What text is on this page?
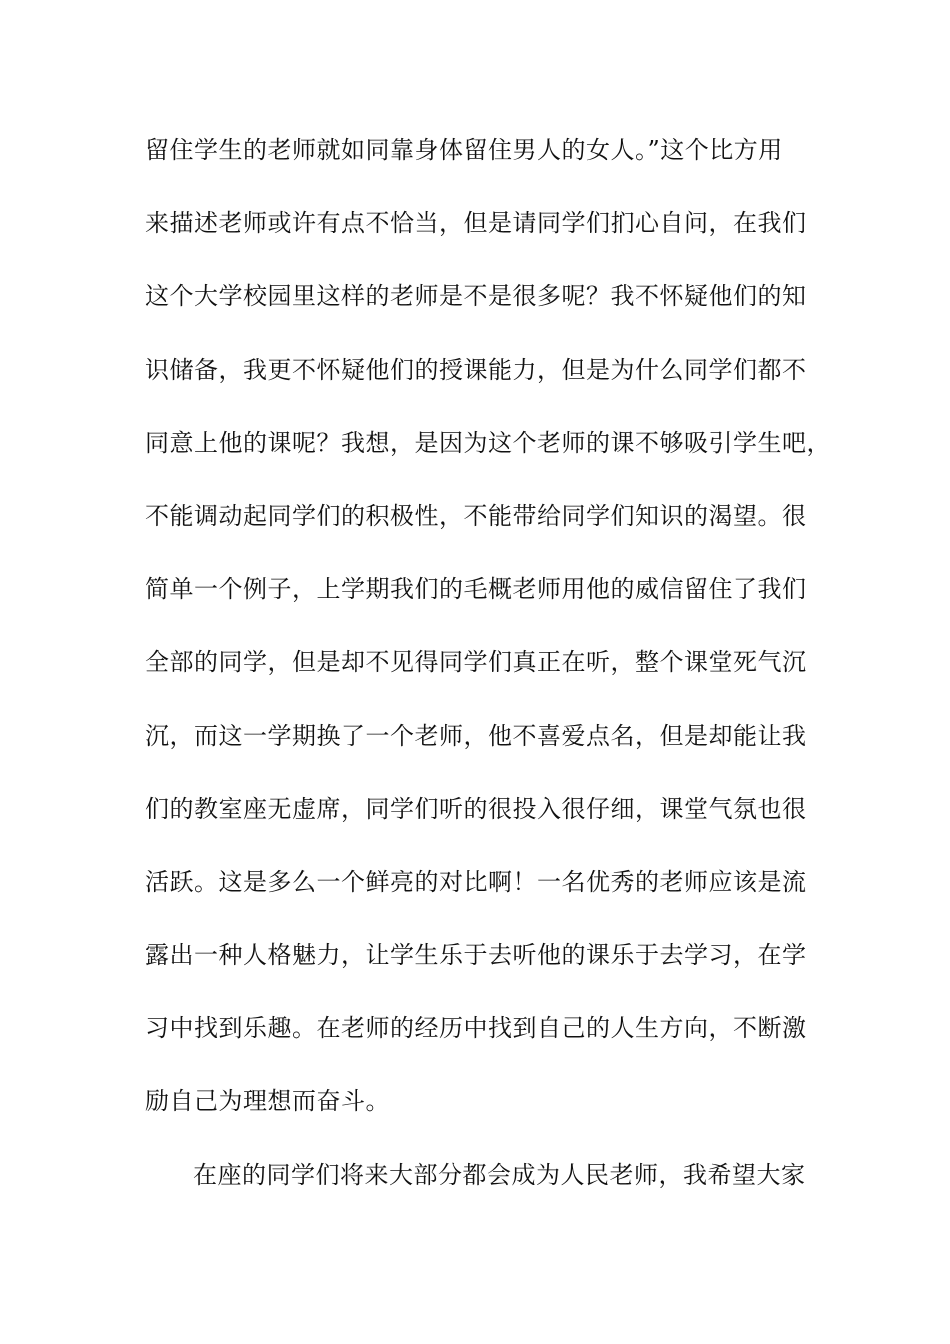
留住学生的老师就如同靠身体留住男人的女人。”这个比方用
来描述老师或许有点不恰当，但是请同学们扪心自问，在我们
这个大学校园里这样的老师是不是很多呢？我不怀疑他们的知
识储备，我更不怀疑他们的授课能力，但是为什么同学们都不
同意上他的课呢？我想，是因为这个老师的课不够吸引学生吧，
不能调动起同学们的积极性，不能带给同学们知识的渴望。很
简单一个例子，上学期我们的毛概老师用他的威信留住了我们
全部的同学，但是却不见得同学们真正在听，整个课堂死气沉
沉，而这一学期换了一个老师，他不喜爱点名，但是却能让我
们的教室座无虚席，同学们听的很投入很仔细，课堂气氛也很
活跃。这是多么一个鲜亮的对比啊！一名优秀的老师应该是流
露出一种人格魅力，让学生乐于去听他的课乐于去学习，在学
习中找到乐趣。在老师的经历中找到自己的人生方向，不断激
励自己为理想而奋斗。
在座的同学们将来大部分都会成为人民老师，我希望大家
